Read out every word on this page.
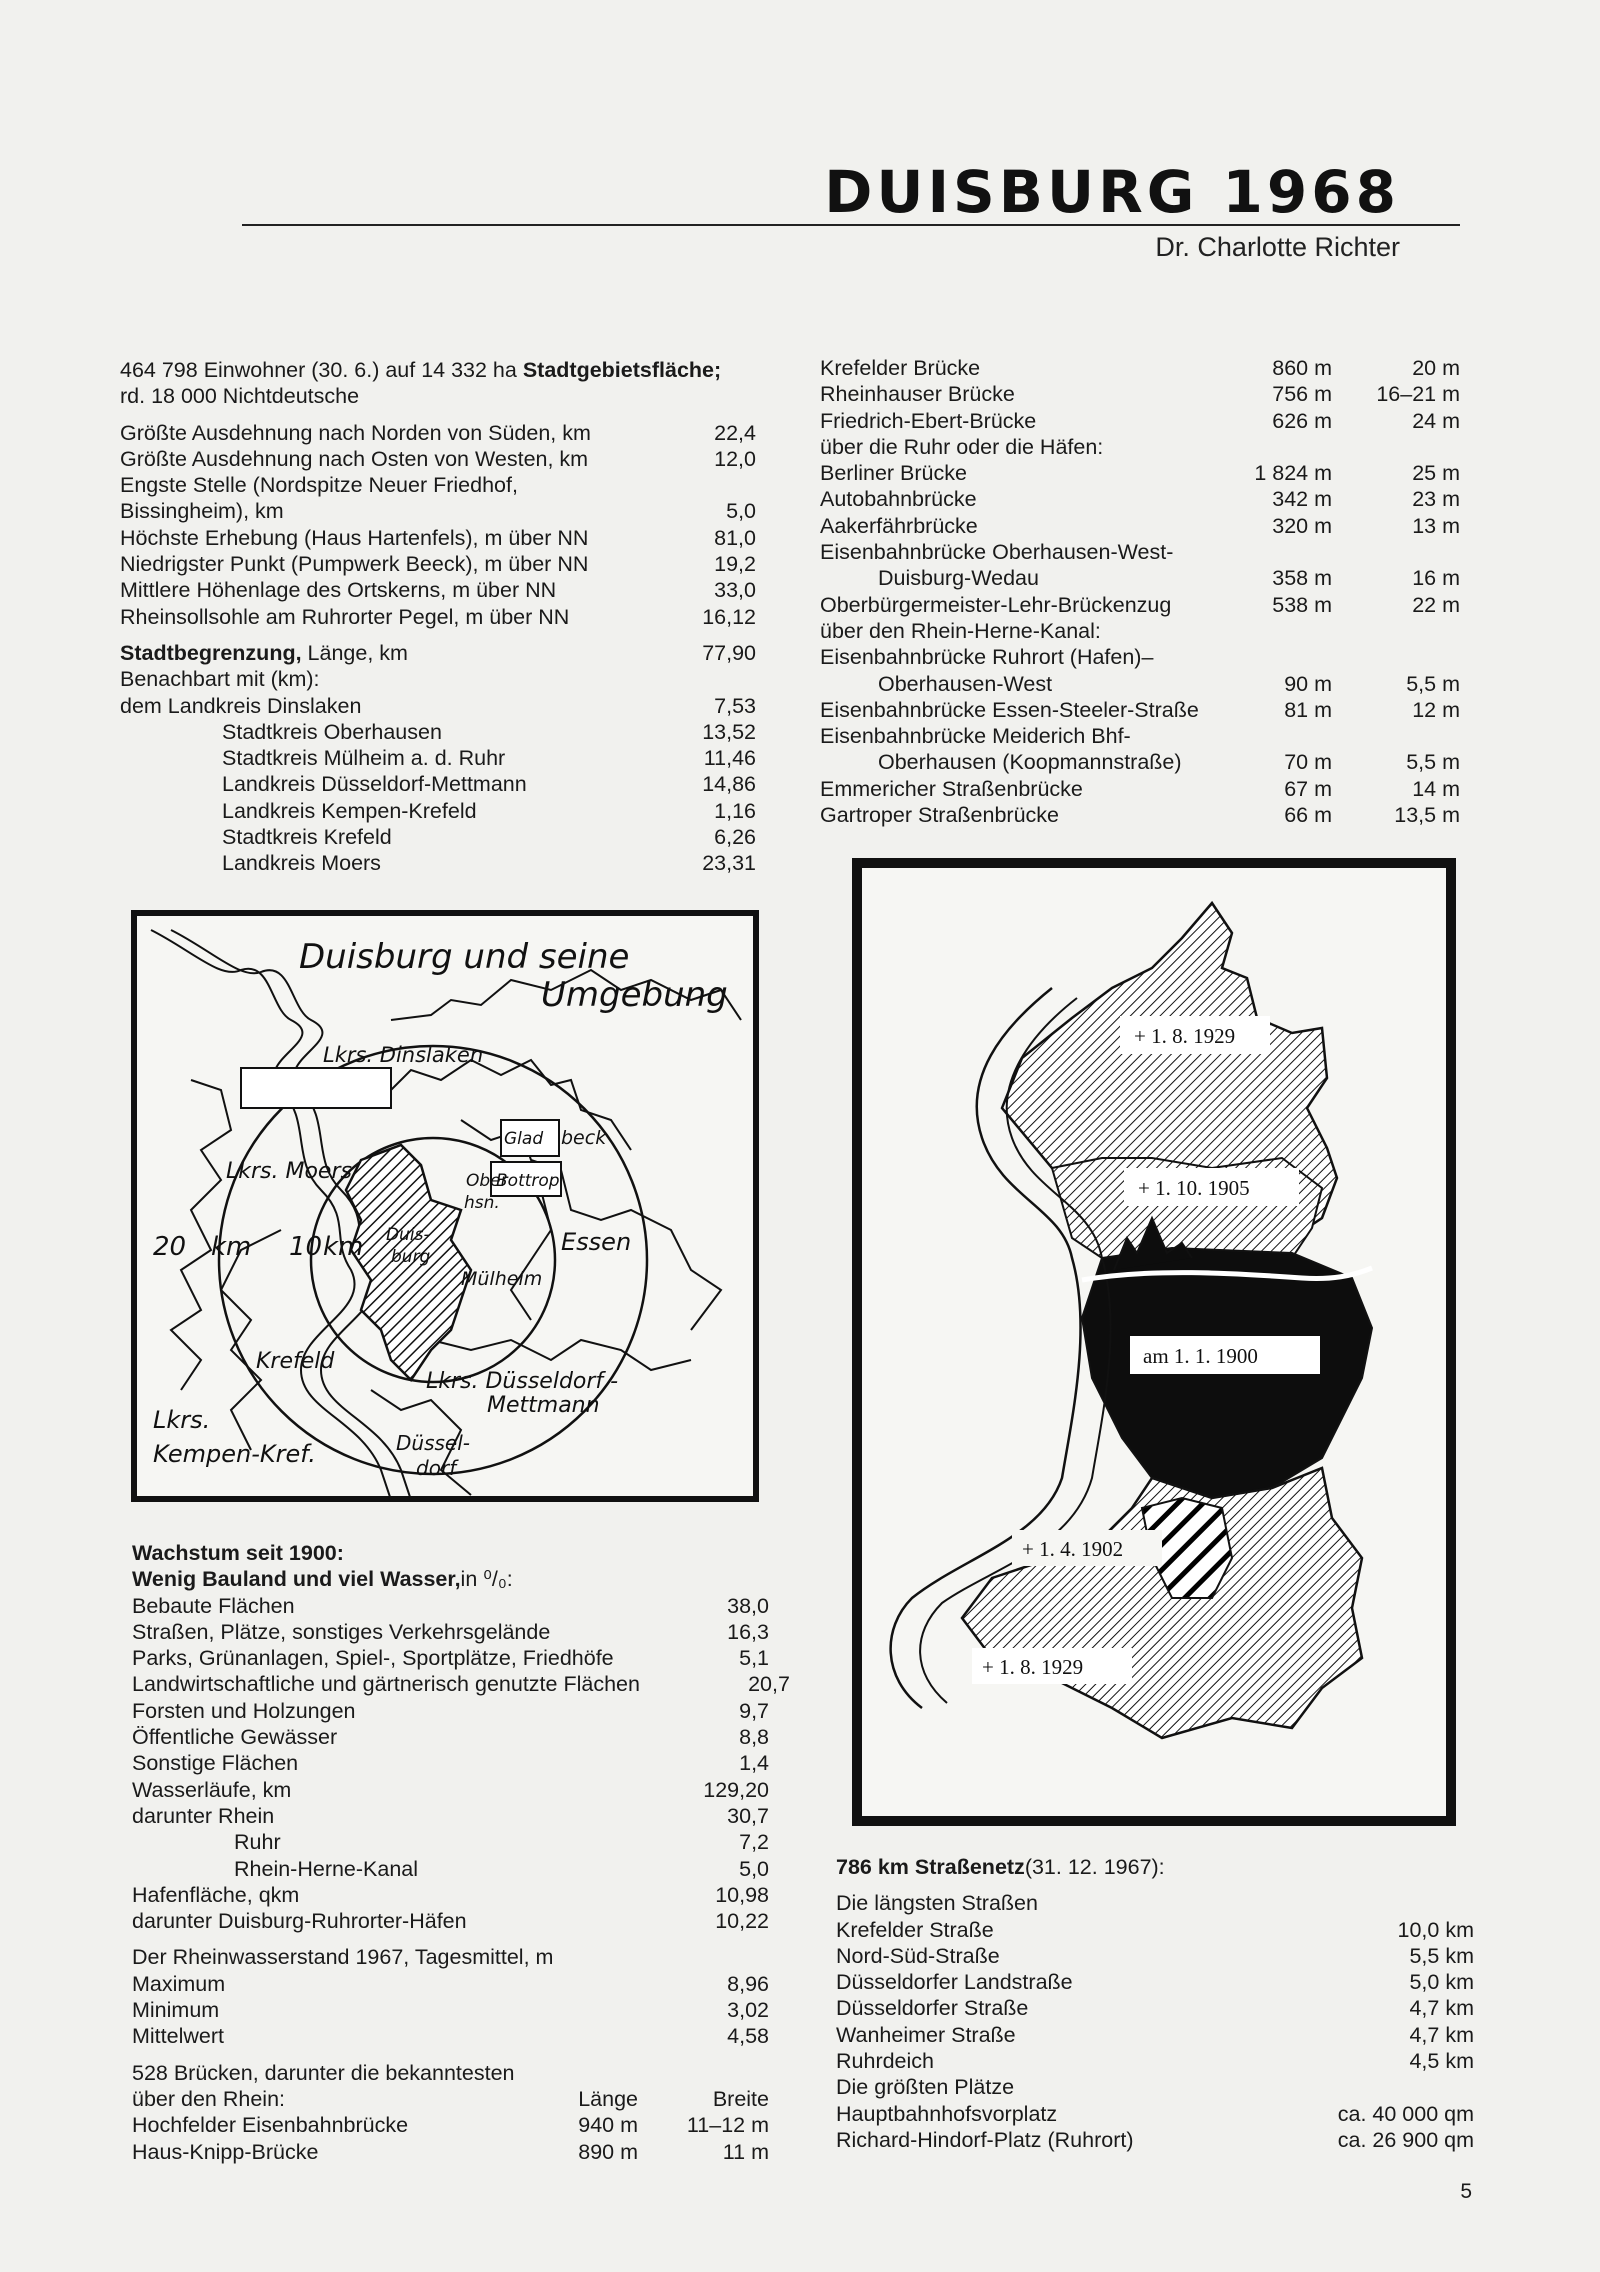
DUISBURG 1968
Dr. Charlotte Richter
464 798 Einwohner (30. 6.) auf 14 332 ha Stadtgebietsfläche;
rd. 18 000 Nichtdeutsche
Größte Ausdehnung nach Norden von Süden, km	22,4
Größte Ausdehnung nach Osten von Westen, km	12,0
Engste Stelle (Nordspitze Neuer Friedhof,
Bissingheim), km	5,0
Höchste Erhebung (Haus Hartenfels), m über NN	81,0
Niedrigster Punkt (Pumpwerk Beeck), m über NN	19,2
Mittlere Höhenlage des Ortskerns, m über NN	33,0
Rheinsollsohle am Ruhrorter Pegel, m über NN	16,12
Stadtbegrenzung, Länge, km	77,90
Benachbart mit (km):
dem Landkreis Dinslaken	7,53
Stadtkreis Oberhausen	13,52
Stadtkreis Mülheim a. d. Ruhr	11,46
Landkreis Düsseldorf-Mettmann	14,86
Landkreis Kempen-Krefeld	1,16
Stadtkreis Krefeld	6,26
Landkreis Moers	23,31
Krefelder Brücke	860 m	20 m
Rheinhauser Brücke	756 m	16–21 m
Friedrich-Ebert-Brücke	626 m	24 m
über die Ruhr oder die Häfen:
Berliner Brücke	1 824 m	25 m
Autobahnbrücke	342 m	23 m
Aakerfährbrücke	320 m	13 m
Eisenbahnbrücke Oberhausen-West-
Duisburg-Wedau	358 m	16 m
Oberbürgermeister-Lehr-Brückenzug	538 m	22 m
über den Rhein-Herne-Kanal:
Eisenbahnbrücke Ruhrort (Hafen)–
Oberhausen-West	90 m	5,5 m
Eisenbahnbrücke Essen-Steeler-Straße	81 m	12 m
Eisenbahnbrücke Meiderich Bhf-
Oberhausen (Koopmannstraße)	70 m	5,5 m
Emmericher Straßenbrücke	67 m	14 m
Gartroper Straßenbrücke	66 m	13,5 m
Duisburg und seine
Umgebung
Lkrs. Dinslaken
Glad beck
Bottrop
Lkrs. Moers	Ober
hsn.
Duis-
burg
Essen
Mülheim
20 km 10 km
Krefeld
Lkrs. Düsseldorf -
Mettmann
Lkrs.
Kempen-Kref.	Düssel-
dorf
+ 1. 8. 1929
+ 1. 10. 1905
am 1. 1. 1900
+ 1. 4. 1902
+ 1. 8. 1929
Wachstum seit 1900:
Wenig Bauland und viel Wasser, in ⁰/₀:
Bebaute Flächen	38,0
Straßen, Plätze, sonstiges Verkehrsgelände	16,3
Parks, Grünanlagen, Spiel-, Sportplätze, Friedhöfe	5,1
Landwirtschaftliche und gärtnerisch genutzte Flächen	20,7
Forsten und Holzungen	9,7
Öffentliche Gewässer	8,8
Sonstige Flächen	1,4
Wasserläufe, km	129,20
darunter Rhein	30,7
Ruhr	7,2
Rhein-Herne-Kanal	5,0
Hafenfläche, qkm	10,98
darunter Duisburg-Ruhrorter-Häfen	10,22
Der Rheinwasserstand 1967, Tagesmittel, m
Maximum	8,96
Minimum	3,02
Mittelwert	4,58
528 Brücken, darunter die bekanntesten
über den Rhein:	Länge	Breite
Hochfelder Eisenbahnbrücke	940 m	11–12 m
Haus-Knipp-Brücke	890 m	11 m
786 km Straßenetz (31. 12. 1967):
Die längsten Straßen
Krefelder Straße	10,0 km
Nord-Süd-Straße	5,5 km
Düsseldorfer Landstraße	5,0 km
Düsseldorfer Straße	4,7 km
Wanheimer Straße	4,7 km
Ruhrdeich	4,5 km
Die größten Plätze
Hauptbahnhofsvorplatz	ca. 40 000 qm
Richard-Hindorf-Platz (Ruhrort)	ca. 26 900 qm
5
